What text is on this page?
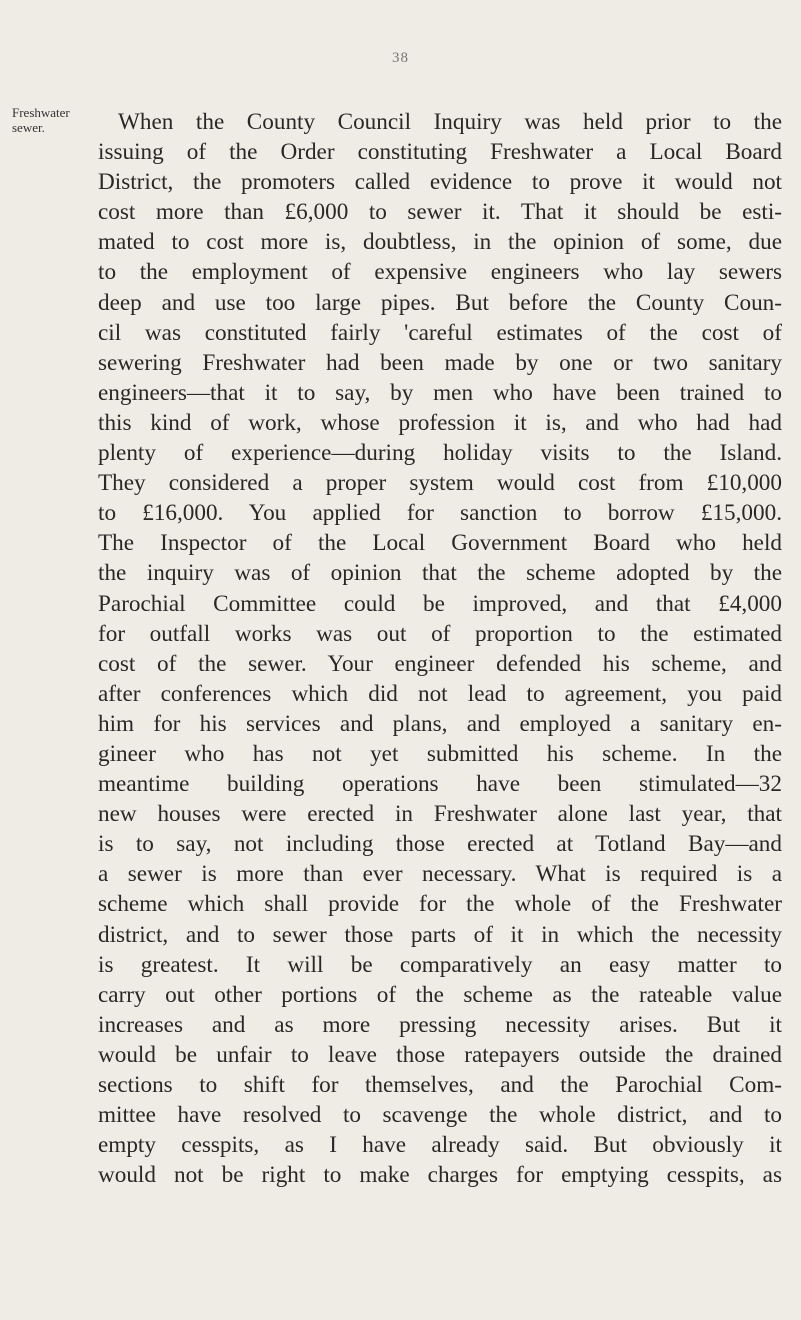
38
Freshwater sewer.	When the County Council Inquiry was held prior to the
issuing of the Order constituting Freshwater a Local Board
District, the promoters called evidence to prove it would not
cost more than £6,000 to sewer it. That it should be esti-
mated to cost more is, doubtless, in the opinion of some, due
to the employment of expensive engineers who lay sewers
deep and use too large pipes. But before the County Coun-
cil was constituted fairly 'careful estimates of the cost of
sewering Freshwater had been made by one or two sanitary
engineers—that it to say, by men who have been trained to
this kind of work, whose profession it is, and who had had
plenty of experience—during holiday visits to the Island.
They considered a proper system would cost from £10,000
to £16,000. You applied for sanction to borrow £15,000.
The Inspector of the Local Government Board who held
the inquiry was of opinion that the scheme adopted by the
Parochial Committee could be improved, and that £4,000
for outfall works was out of proportion to the estimated
cost of the sewer. Your engineer defended his scheme, and
after conferences which did not lead to agreement, you paid
him for his services and plans, and employed a sanitary en-
gineer who has not yet submitted his scheme. In the
meantime building operations have been stimulated—32
new houses were erected in Freshwater alone last year, that
is to say, not including those erected at Totland Bay—and
a sewer is more than ever necessary. What is required is a
scheme which shall provide for the whole of the Freshwater
district, and to sewer those parts of it in which the necessity
is greatest. It will be comparatively an easy matter to
carry out other portions of the scheme as the rateable value
increases and as more pressing necessity arises. But it
would be unfair to leave those ratepayers outside the drained
sections to shift for themselves, and the Parochial Com-
mittee have resolved to scavenge the whole district, and to
empty cesspits, as I have already said. But obviously it
would not be right to make charges for emptying cesspits, as
